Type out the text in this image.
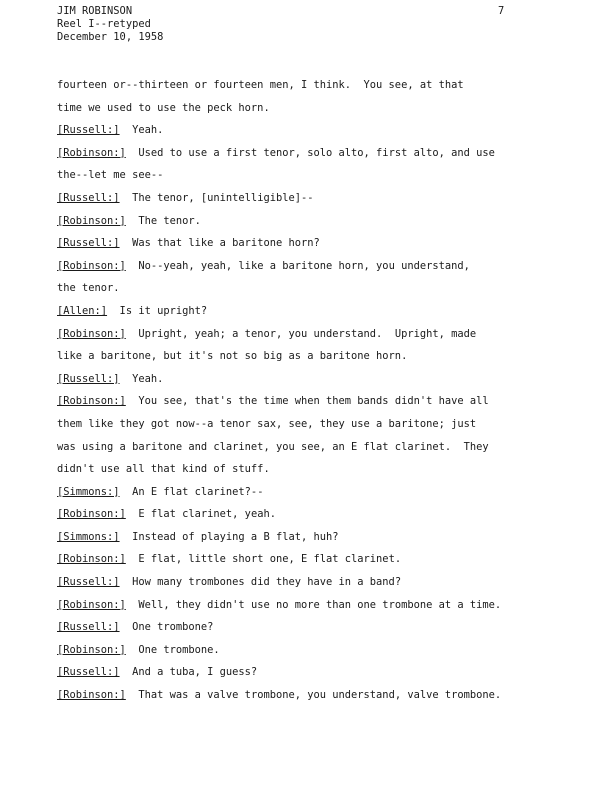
JIM ROBINSON
Reel I--retyped
December 10, 1958
7
fourteen or--thirteen or fourteen men, I think.  You see, at that
time we used to use the peck horn.
[Russell:]  Yeah.
[Robinson:]  Used to use a first tenor, solo alto, first alto, and use
the--let me see--
[Russell:]  The tenor, [unintelligible]--
[Robinson:]  The tenor.
[Russell:]  Was that like a baritone horn?
[Robinson:]  No--yeah, yeah, like a baritone horn, you understand,
the tenor.
[Allen:]  Is it upright?
[Robinson:]  Upright, yeah; a tenor, you understand.  Upright, made
like a baritone, but it's not so big as a baritone horn.
[Russell:]  Yeah.
[Robinson:]  You see, that's the time when them bands didn't have all
them like they got now--a tenor sax, see, they use a baritone; just
was using a baritone and clarinet, you see, an E flat clarinet.  They
didn't use all that kind of stuff.
[Simmons:]  An E flat clarinet?--
[Robinson:]  E flat clarinet, yeah.
[Simmons:]  Instead of playing a B flat, huh?
[Robinson:]  E flat, little short one, E flat clarinet.
[Russell:]  How many trombones did they have in a band?
[Robinson:]  Well, they didn't use no more than one trombone at a time.
[Russell:]  One trombone?
[Robinson:]  One trombone.
[Russell:]  And a tuba, I guess?
[Robinson:]  That was a valve trombone, you understand, valve trombone.
